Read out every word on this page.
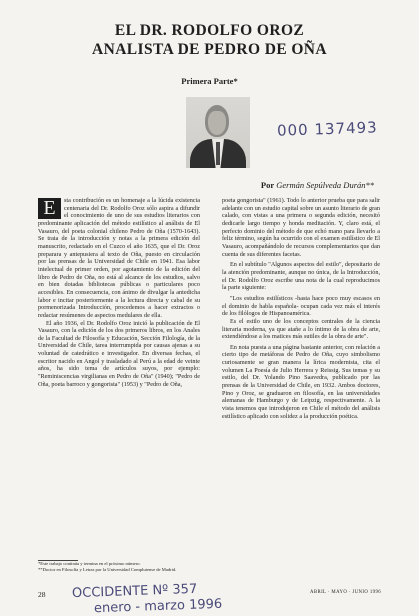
EL DR. RODOLFO OROZ
ANALISTA DE PEDRO DE OÑA
Primera Parte*
000 137493
Por Germán Sepúlveda Durán**

E	sta contribución es un homenaje a la lúcida existencia centenaria del Dr. Rodolfo Oroz sólo aspira a difundir el conocimiento de uno de sus estudios literarios con predominante aplicación del método estilístico al análisis de El Vasauro, del poeta colonial chileno Pedro de Oña (1570-1643). Se trata de la introducción y notas a la primera edición del manuscrito, redactado en el Cuzco el año 1635, que el Dr. Oroz preparara y antepusiera al texto de Oña, puesto en circulación por las prensas de la Universidad de Chile en 1941. Esa labor intelectual de primer orden, por agotamiento de la edición del libro de Pedro de Oña, no está al alcance de los estudios, salvo en bien dotadas bibliotecas públicas o particulares poco accesibles. En consecuencia, con ánimo de divulgar la antedicha labor e incitar posteriormente a la lectura directa y cabal de su pormenorizada Introducción, procedemos a hacer extractos o redactar resúmenes de aspectos medulares de ella.

El año 1936, el Dr. Rodolfo Oroz inició la publicación de El Vasauro, con la edición de los dos primeros libros, en los Anales de la Facultad de Filosofía y Educación, Sección Filología, de la Universidad de Chile, tarea interrumpida por causas ajenas a su voluntad de catedrático e investigador. En diversas fechas, el escritor nacido en Angol y trasladado al Perú a la edad de veinte años, ha sido tema de artículos suyos, por ejemplo: "Reminiscencias virgilianas en Pedro de Oña" (1940); "Pedro de Oña, poeta barroco y gongorista" (1953) y "Pedro de Oña,

poeta gongorista" (1961). Todo lo anterior prueba que para salir adelante con un estudio capital sobre un asunto literario de gran calado, con vistas a una primera o segunda edición, necesitó dedicarle largo tiempo y honda meditación. Y, claro está, el perfecto dominio del método de que echó mano para llevarlo a feliz término, según ha ocurrido con el examen estilístico de El Vasauro, acompañándolo de recursos complementarios que dan cuenta de sus diferentes facetas.

En el subtítulo "Algunos aspectos del estilo", depositario de la atención predominante, aunque no única, de la Introducción, el Dr. Rodolfo Oroz escribe una nota de la cual reproducimos la parte siguiente:

"Los estudios estilísticos -hasta hace poco muy escasos en el dominio de habla española- ocupan cada vez más el interés de los filólogos de Hispanoamérica.

Es el estilo uno de los conceptos centrales de la ciencia literaria moderna, ya que atañe a lo íntimo de la obra de arte, extendiéndose a los matices más sutiles de la obra de arte".

En nota puesta a una página bastante anterior, con relación a cierto tipo de metáforas de Pedro de Oña, cuyo simbolismo curiosamente se gran manera la lírica modernista, cita el volumen La Poesía de Julio Herrera y Reissig. Sus temas y su estilo, del Dr. Yolando Pino Saavedra, publicado por las prensas de la Universidad de Chile, en 1932. Ambos doctores, Pino y Oroz, se graduaron en filosofía, en las universidades alemanas de Hamburgo y de Leipzig, respectivamente. A la vista tenemos que introdujeron en Chile el método del análisis estilístico aplicado con solidez a la producción poética.

*Este trabajo continúa y termina en el próximo número.

**Doctor en Filosofía y Letras por la Universidad Complutense de Madrid.

28 OCCIDENTE Nº 357
enero - marzo 1996
ABRIL · MAYO · JUNIO 1996
